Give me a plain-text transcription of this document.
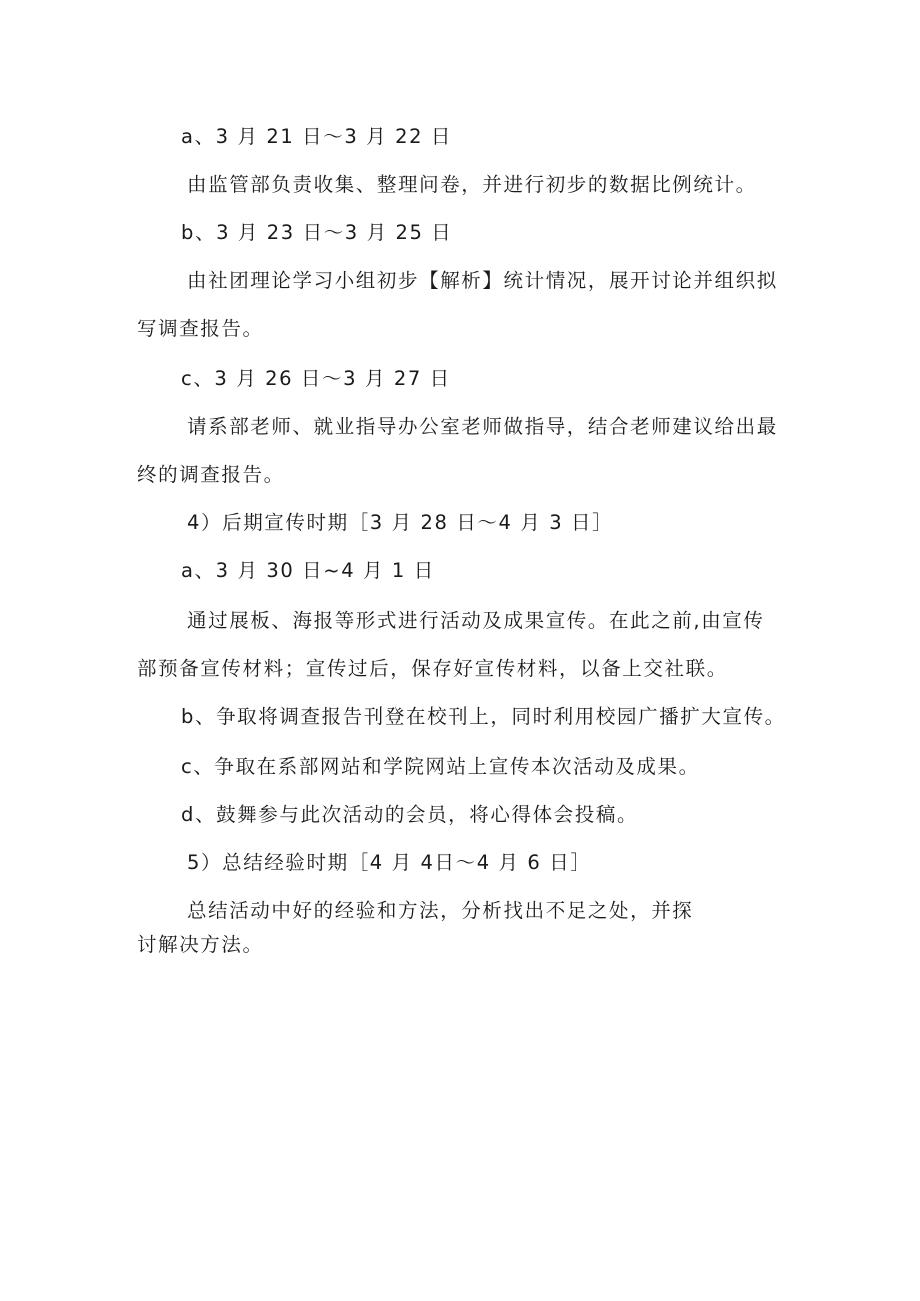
a、3 月 21 日～3 月 22 日
由监管部负责收集、整理问卷，并进行初步的数据比例统计。
b、3 月 23 日～3 月 25 日
由社团理论学习小组初步【解析】统计情况，展开讨论并组织拟
写调查报告。
c、3 月 26 日～3 月 27 日
请系部老师、就业指导办公室老师做指导，结合老师建议给出最
终的调查报告。
4）后期宣传时期［3 月 28 日～4 月 3 日］
a、3 月 30 日~4 月 1 日
通过展板、海报等形式进行活动及成果宣传。在此之前,由宣传
部预备宣传材料；宣传过后，保存好宣传材料，以备上交社联。
b、争取将调查报告刊登在校刊上，同时利用校园广播扩大宣传。
c、争取在系部网站和学院网站上宣传本次活动及成果。
d、鼓舞参与此次活动的会员，将心得体会投稿。
5）总结经验时期［4 月 4日～4 月 6 日］
总结活动中好的经验和方法，分析找出不足之处，并探
讨解决方法。
